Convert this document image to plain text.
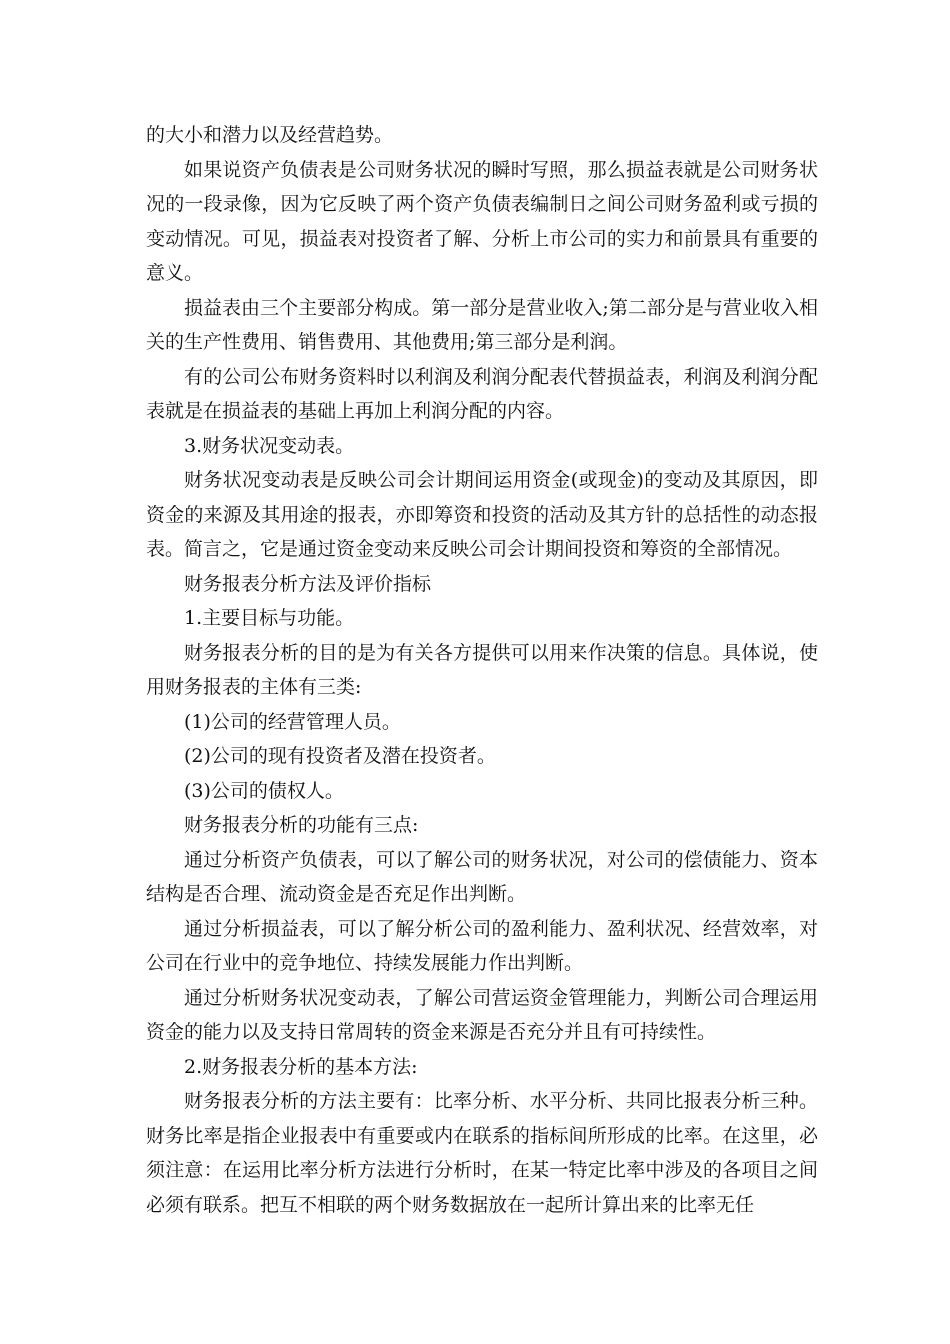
的大小和潜力以及经营趋势。

如果说资产负债表是公司财务状况的瞬时写照，那么损益表就是公司财务状况的一段录像，因为它反映了两个资产负债表编制日之间公司财务盈利或亏损的变动情况。可见，损益表对投资者了解、分析上市公司的实力和前景具有重要的意义。

损益表由三个主要部分构成。第一部分是营业收入;第二部分是与营业收入相关的生产性费用、销售费用、其他费用;第三部分是利润。

有的公司公布财务资料时以利润及利润分配表代替损益表，利润及利润分配表就是在损益表的基础上再加上利润分配的内容。

3.财务状况变动表。

财务状况变动表是反映公司会计期间运用资金(或现金)的变动及其原因，即资金的来源及其用途的报表，亦即筹资和投资的活动及其方针的总括性的动态报表。简言之，它是通过资金变动来反映公司会计期间投资和筹资的全部情况。

财务报表分析方法及评价指标

1.主要目标与功能。

财务报表分析的目的是为有关各方提供可以用来作决策的信息。具体说，使用财务报表的主体有三类:

(1)公司的经营管理人员。

(2)公司的现有投资者及潜在投资者。

(3)公司的债权人。

财务报表分析的功能有三点:

通过分析资产负债表，可以了解公司的财务状况，对公司的偿债能力、资本结构是否合理、流动资金是否充足作出判断。

通过分析损益表，可以了解分析公司的盈利能力、盈利状况、经营效率，对公司在行业中的竞争地位、持续发展能力作出判断。

通过分析财务状况变动表，了解公司营运资金管理能力，判断公司合理运用资金的能力以及支持日常周转的资金来源是否充分并且有可持续性。

2.财务报表分析的基本方法:

财务报表分析的方法主要有：比率分析、水平分析、共同比报表分析三种。 财务比率是指企业报表中有重要或内在联系的指标间所形成的比率。在这里，必须注意：在运用比率分析方法进行分析时，在某一特定比率中涉及的各项目之间必须有联系。把互不相联的两个财务数据放在一起所计算出来的比率无任
